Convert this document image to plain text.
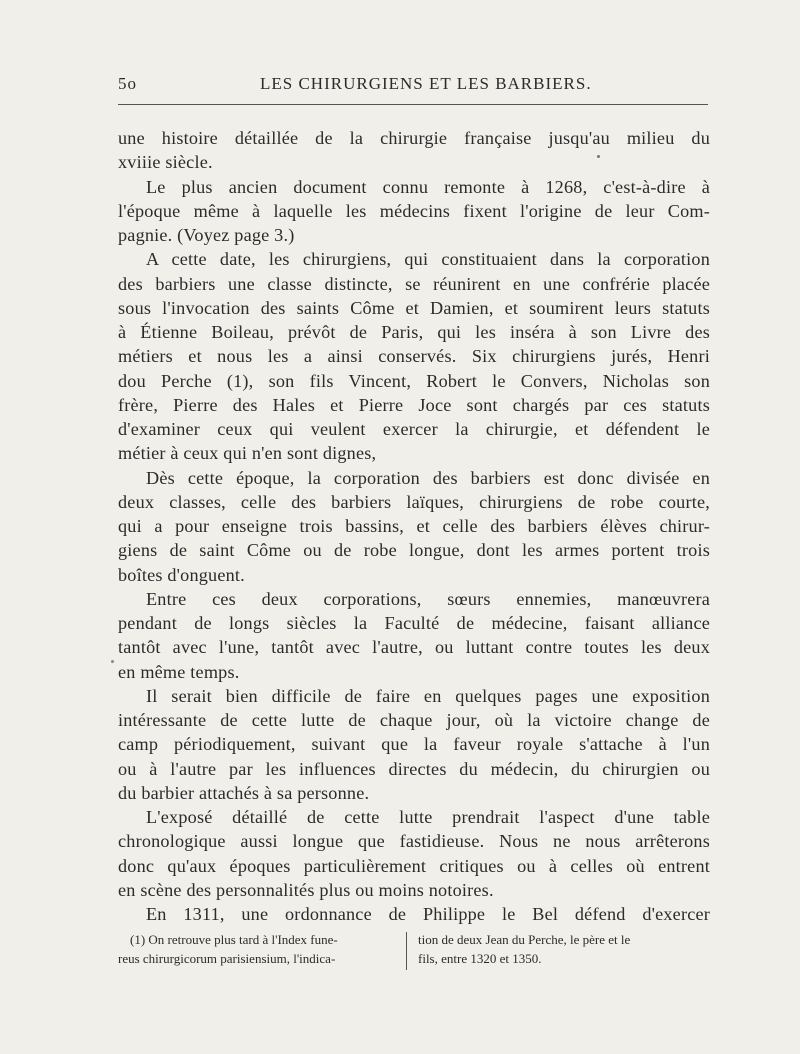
5o	LES CHIRURGIENS ET LES BARBIERS.
une histoire détaillée de la chirurgie française jusqu'au milieu du
xviiie siècle.
Le plus ancien document connu remonte à 1268, c'est-à-dire à
l'époque même à laquelle les médecins fixent l'origine de leur Com-
pagnie. (Voyez page 3.)
A cette date, les chirurgiens, qui constituaient dans la corporation
des barbiers une classe distincte, se réunirent en une confrérie placée
sous l'invocation des saints Côme et Damien, et soumirent leurs statuts
à Étienne Boileau, prévôt de Paris, qui les inséra à son Livre des
métiers et nous les a ainsi conservés. Six chirurgiens jurés, Henri
dou Perche (1), son fils Vincent, Robert le Convers, Nicholas son
frère, Pierre des Hales et Pierre Joce sont chargés par ces statuts
d'examiner ceux qui veulent exercer la chirurgie, et défendent le
métier à ceux qui n'en sont dignes,
Dès cette époque, la corporation des barbiers est donc divisée en
deux classes, celle des barbiers laïques, chirurgiens de robe courte,
qui a pour enseigne trois bassins, et celle des barbiers élèves chirur-
giens de saint Côme ou de robe longue, dont les armes portent trois
boîtes d'onguent.
Entre ces deux corporations, sœurs ennemies, manœuvrera
pendant de longs siècles la Faculté de médecine, faisant alliance
tantôt avec l'une, tantôt avec l'autre, ou luttant contre toutes les deux
en même temps.
Il serait bien difficile de faire en quelques pages une exposition
intéressante de cette lutte de chaque jour, où la victoire change de
camp périodiquement, suivant que la faveur royale s'attache à l'un
ou à l'autre par les influences directes du médecin, du chirurgien ou
du barbier attachés à sa personne.
L'exposé détaillé de cette lutte prendrait l'aspect d'une table
chronologique aussi longue que fastidieuse. Nous ne nous arrêterons
donc qu'aux époques particulièrement critiques ou à celles où entrent
en scène des personnalités plus ou moins notoires.
En 1311, une ordonnance de Philippe le Bel défend d'exercer
(1) On retrouve plus tard à l'Index fune-
reus chirurgicorum parisiensium, l'indica-
tion de deux Jean du Perche, le père et le
fils, entre 1320 et 1350.
